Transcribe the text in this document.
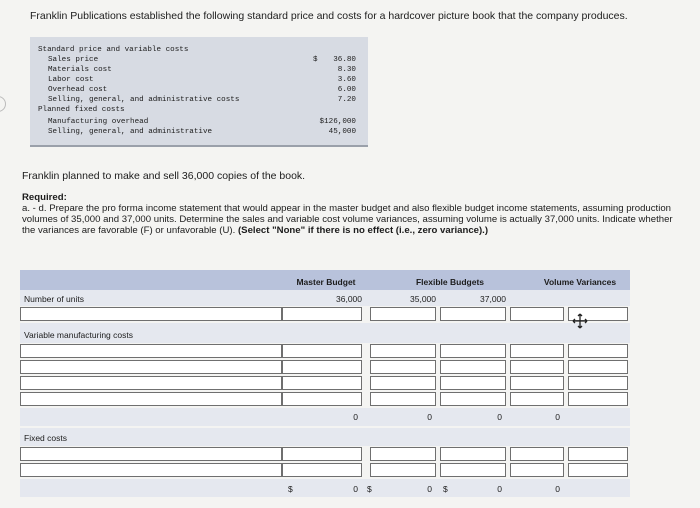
Franklin Publications established the following standard price and costs for a hardcover picture book that the company produces.
Standard price and variable costs
Sales price	$ 36.80
Materials cost	8.30
Labor cost	3.60
Overhead cost	6.00
Selling, general, and administrative costs	7.20
Planned fixed costs
Manufacturing overhead	$126,000
Selling, general, and administrative	45,000
Franklin planned to make and sell 36,000 copies of the book.
Required:
a. - d. Prepare the pro forma income statement that would appear in the master budget and also flexible budget income statements, assuming production volumes of 35,000 and 37,000 units. Determine the sales and variable cost volume variances, assuming volume is actually 37,000 units. Indicate whether the variances are favorable (F) or unfavorable (U). (Select "None" if there is no effect (i.e., zero variance).)
Master Budget	Flexible Budgets	Volume Variances
Number of units	36,000	35,000	37,000
Variable manufacturing costs
0	0	0	0
Fixed costs
$	0 $	0 $	0	0
